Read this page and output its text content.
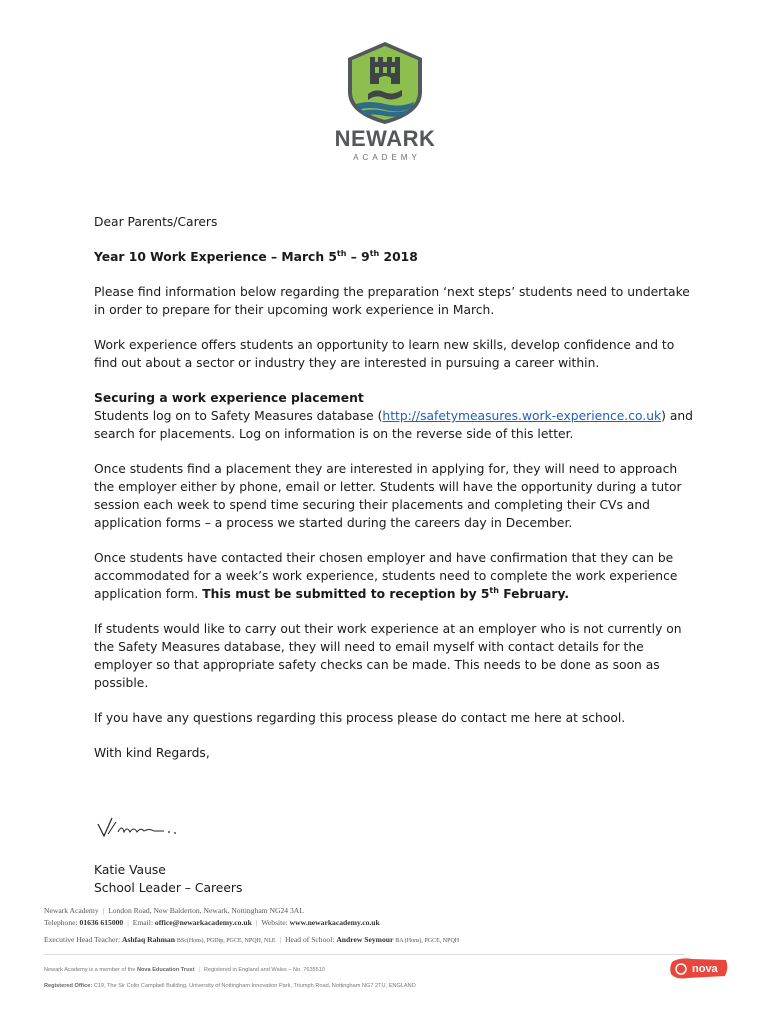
NEWARK
ACADEMY

Dear Parents/Carers

Year 10 Work Experience – March 5th – 9th 2018

Please find information below regarding the preparation ‘next steps’ students need to undertake in order to prepare for their upcoming work experience in March.

Work experience offers students an opportunity to learn new skills, develop confidence and to find out about a sector or industry they are interested in pursuing a career within.

Securing a work experience placement
Students log on to Safety Measures database (http://safetymeasures.work-experience.co.uk) and search for placements. Log on information is on the reverse side of this letter.

Once students find a placement they are interested in applying for, they will need to approach the employer either by phone, email or letter. Students will have the opportunity during a tutor session each week to spend time securing their placements and completing their CVs and application forms – a process we started during the careers day in December.

Once students have contacted their chosen employer and have confirmation that they can be accommodated for a week’s work experience, students need to complete the work experience application form. This must be submitted to reception by 5th February.

If students would like to carry out their work experience at an employer who is not currently on the Safety Measures database, they will need to email myself with contact details for the employer so that appropriate safety checks can be made. This needs to be done as soon as possible.

If you have any questions regarding this process please do contact me here at school.

With kind Regards,

Katie Vause
School Leader – Careers
Newark Academy | London Road, New Balderton, Newark, Nottingham NG24 3AL
Telephone: 01636 615000 | Email: office@newarkacademy.co.uk | Website: www.newarkacademy.co.uk
Executive Head Teacher: Ashfaq Rahman BSc(Hons), PGDip, PGCE, NPQH, NLE | Head of School: Andrew Seymour BA (Hons), PGCE, NPQH
Newark Academy is a member of the Nova Education Trust | Registered in England and Wales – No. 7635510
Registered Office: C19, The Sir Colin Campbell Building, University of Nottingham Innovation Park, Triumph Road, Nottingham NG7 2TU, ENGLAND
nova
